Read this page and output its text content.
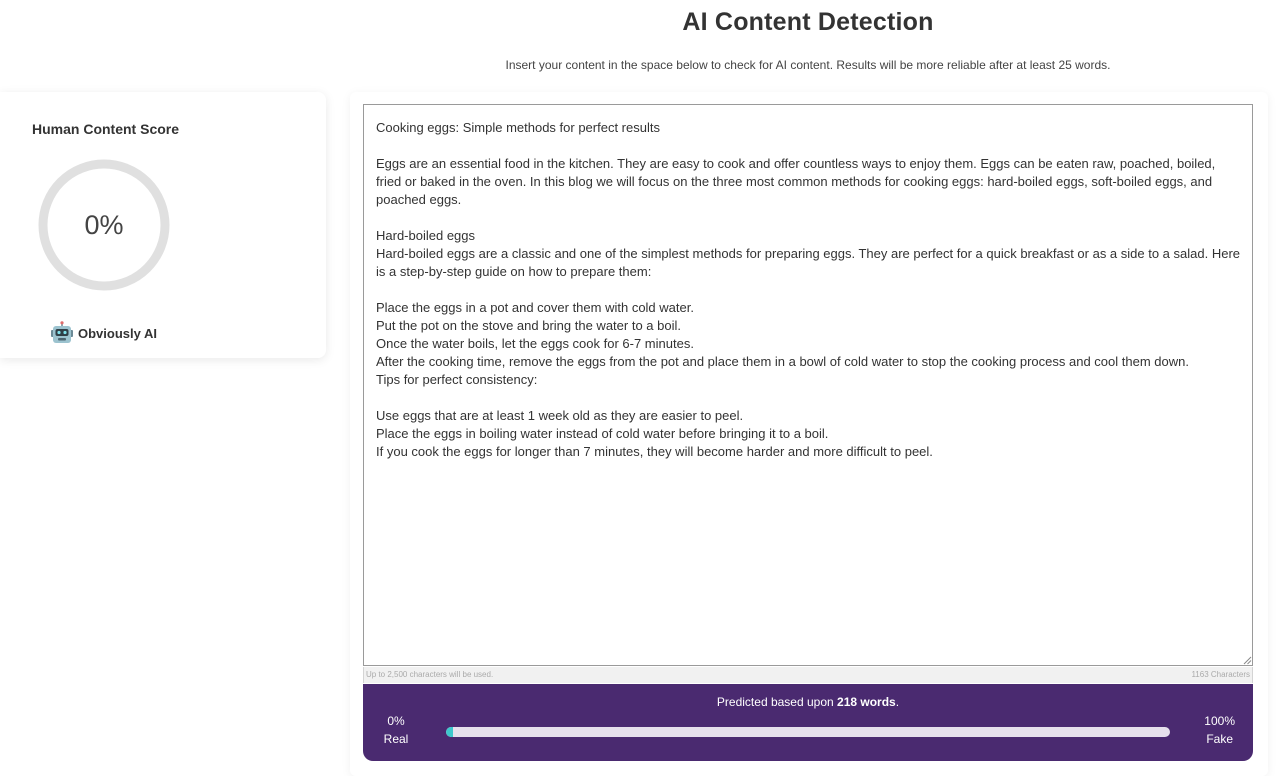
AI Content Detection
Insert your content in the space below to check for AI content. Results will be more reliable after at least 25 words.
Human Content Score
0%
Obviously AI
Cooking eggs: Simple methods for perfect results Eggs are an essential food in the kitchen. They are easy to cook and offer countless ways to enjoy them. Eggs can be eaten raw, poached, boiled, fried or baked in the oven. In this blog we will focus on the three most common methods for cooking eggs: hard-boiled eggs, soft-boiled eggs, and poached eggs. Hard-boiled eggs Hard-boiled eggs are a classic and one of the simplest methods for preparing eggs. They are perfect for a quick breakfast or as a side to a salad. Here is a step-by-step guide on how to prepare them: Place the eggs in a pot and cover them with cold water. Put the pot on the stove and bring the water to a boil. Once the water boils, let the eggs cook for 6-7 minutes. After the cooking time, remove the eggs from the pot and place them in a bowl of cold water to stop the cooking process and cool them down. Tips for perfect consistency: Use eggs that are at least 1 week old as they are easier to peel. Place the eggs in boiling water instead of cold water before bringing it to a boil. If you cook the eggs for longer than 7 minutes, they will become harder and more difficult to peel.
Up to 2,500 characters will be used.	1163 Characters
Predicted based upon 218 words.
0%
Real
100%
Fake
